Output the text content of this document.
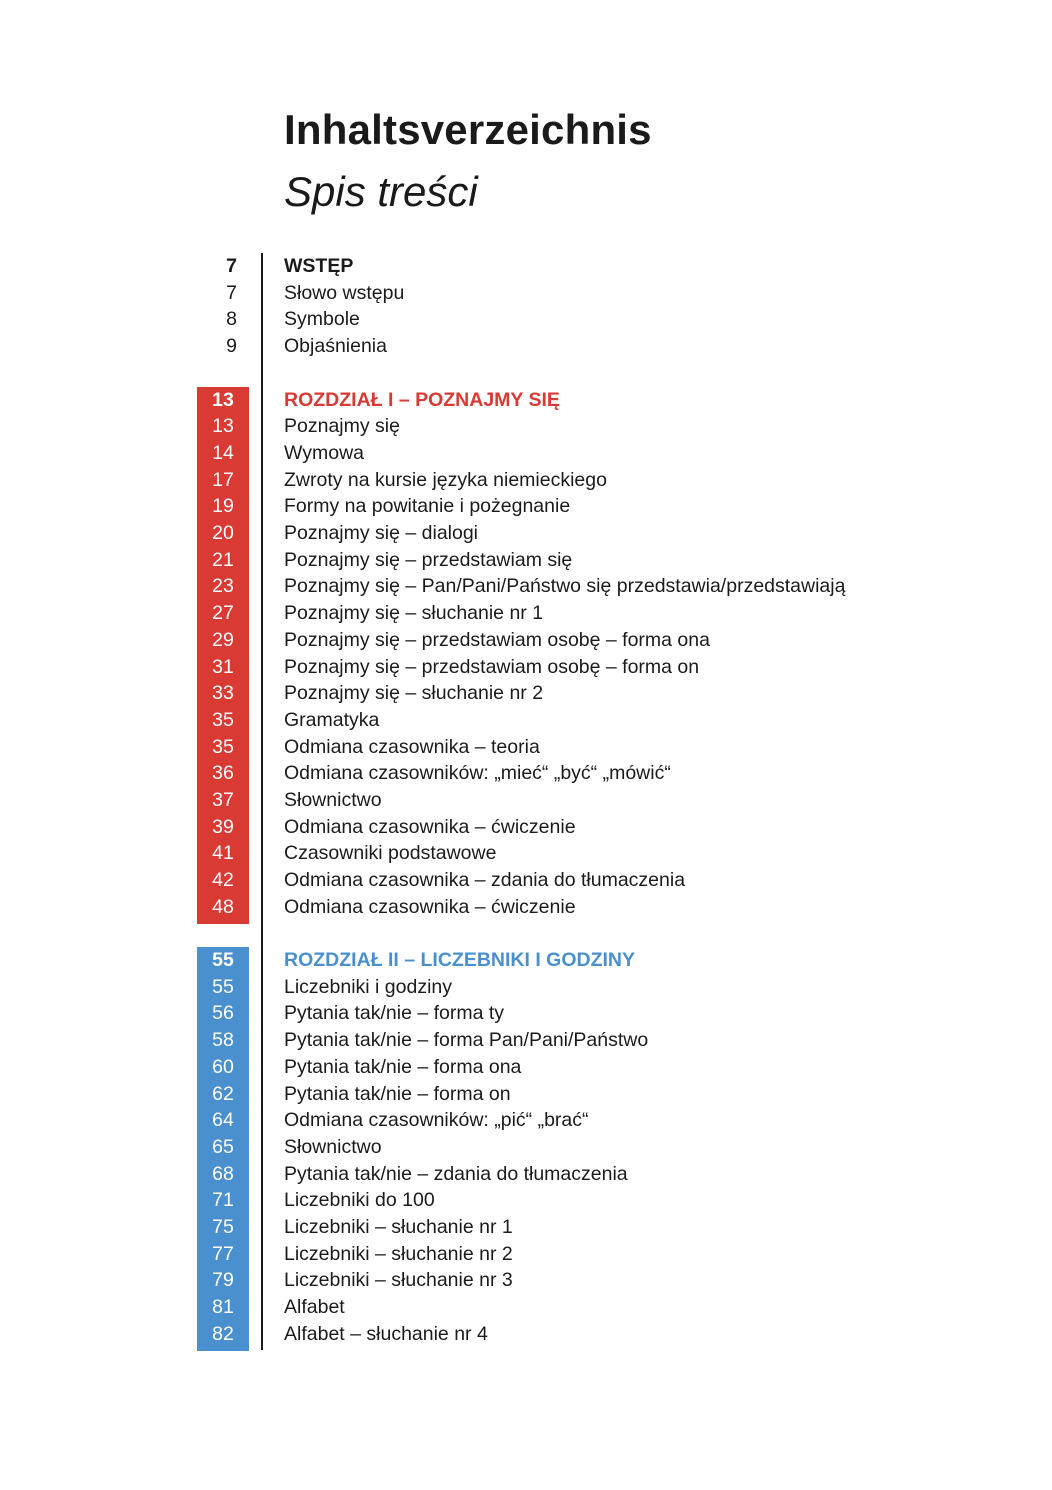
Inhaltsverzeichnis
Spis treści
7 WSTĘP
7 Słowo wstępu
8 Symbole
9 Objaśnienia
13	ROZDZIAŁ I – POZNAJMY SIĘ
13	Poznajmy się
14	Wymowa
17	Zwroty na kursie języka niemieckiego
19	Formy na powitanie i pożegnanie
20	Poznajmy się – dialogi
21	Poznajmy się – przedstawiam się
23	Poznajmy się – Pan/Pani/Państwo się przedstawia/przedstawiają
27	Poznajmy się – słuchanie nr 1
29	Poznajmy się – przedstawiam osobę – forma ona
31	Poznajmy się – przedstawiam osobę – forma on
33	Poznajmy się – słuchanie nr 2
35	Gramatyka
35	Odmiana czasownika – teoria
36	Odmiana czasowników: „mieć“ „być“ „mówić“
37	Słownictwo
39	Odmiana czasownika – ćwiczenie
41	Czasowniki podstawowe
42	Odmiana czasownika – zdania do tłumaczenia
48	Odmiana czasownika – ćwiczenie
55	ROZDZIAŁ II – LICZEBNIKI I GODZINY
55	Liczebniki i godziny
56	Pytania tak/nie – forma ty
58	Pytania tak/nie – forma Pan/Pani/Państwo
60	Pytania tak/nie – forma ona
62	Pytania tak/nie – forma on
64	Odmiana czasowników: „pić“ „brać“
65	Słownictwo
68	Pytania tak/nie – zdania do tłumaczenia
71	Liczebniki do 100
75	Liczebniki – słuchanie nr 1
77	Liczebniki – słuchanie nr 2
79	Liczebniki – słuchanie nr 3
81	Alfabet
82	Alfabet – słuchanie nr 4
